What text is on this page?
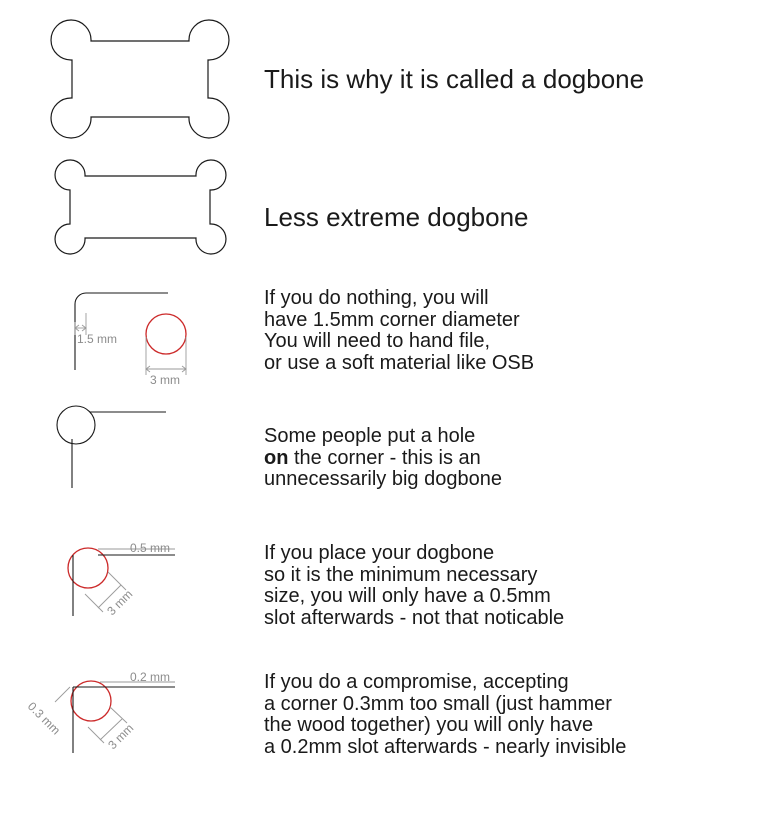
This is why it is called a dogbone
Less extreme dogbone
1.5 mm
3 mm
If you do nothing, you will
have 1.5mm corner diameter
You will need to hand file,
or use a soft material like OSB
Some people put a hole
on the corner - this is an
unnecessarily big dogbone
0.5 mm
3 mm
If you place your dogbone
so it is the minimum necessary
size, you will only have a 0.5mm
slot afterwards - not that noticable
0.2 mm
0.3 mm	3 mm
If you do a compromise, accepting
a corner 0.3mm too small (just hammer
the wood together) you will only have
a 0.2mm slot afterwards - nearly invisible
